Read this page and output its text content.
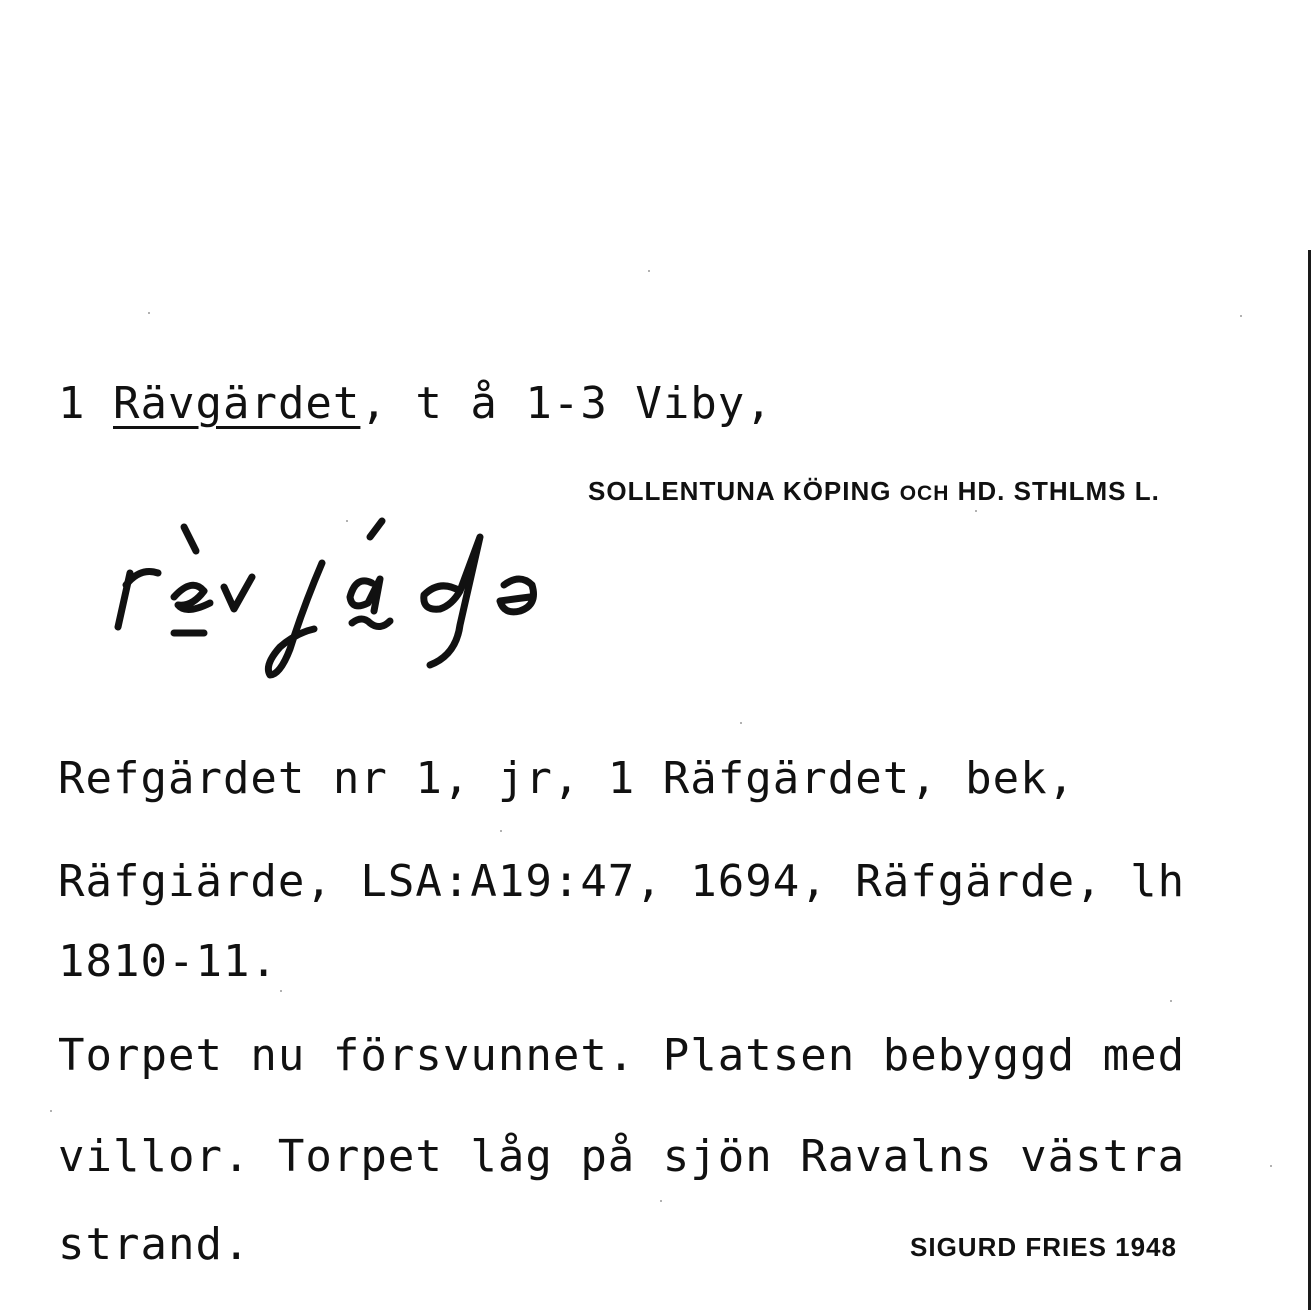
1 Rävgärdet, t å 1-3 Viby,
SOLLENTUNA KÖPING OCH HD. STHLMS L.
Refgärdet nr 1, jr, 1 Räfgärdet, bek,
Räfgiärde, LSA:A19:47, 1694, Räfgärde, lh
1810-11.
Torpet nu försvunnet. Platsen bebyggd med
villor. Torpet låg på sjön Ravalns västra
strand.	SIGURD FRIES 1948
